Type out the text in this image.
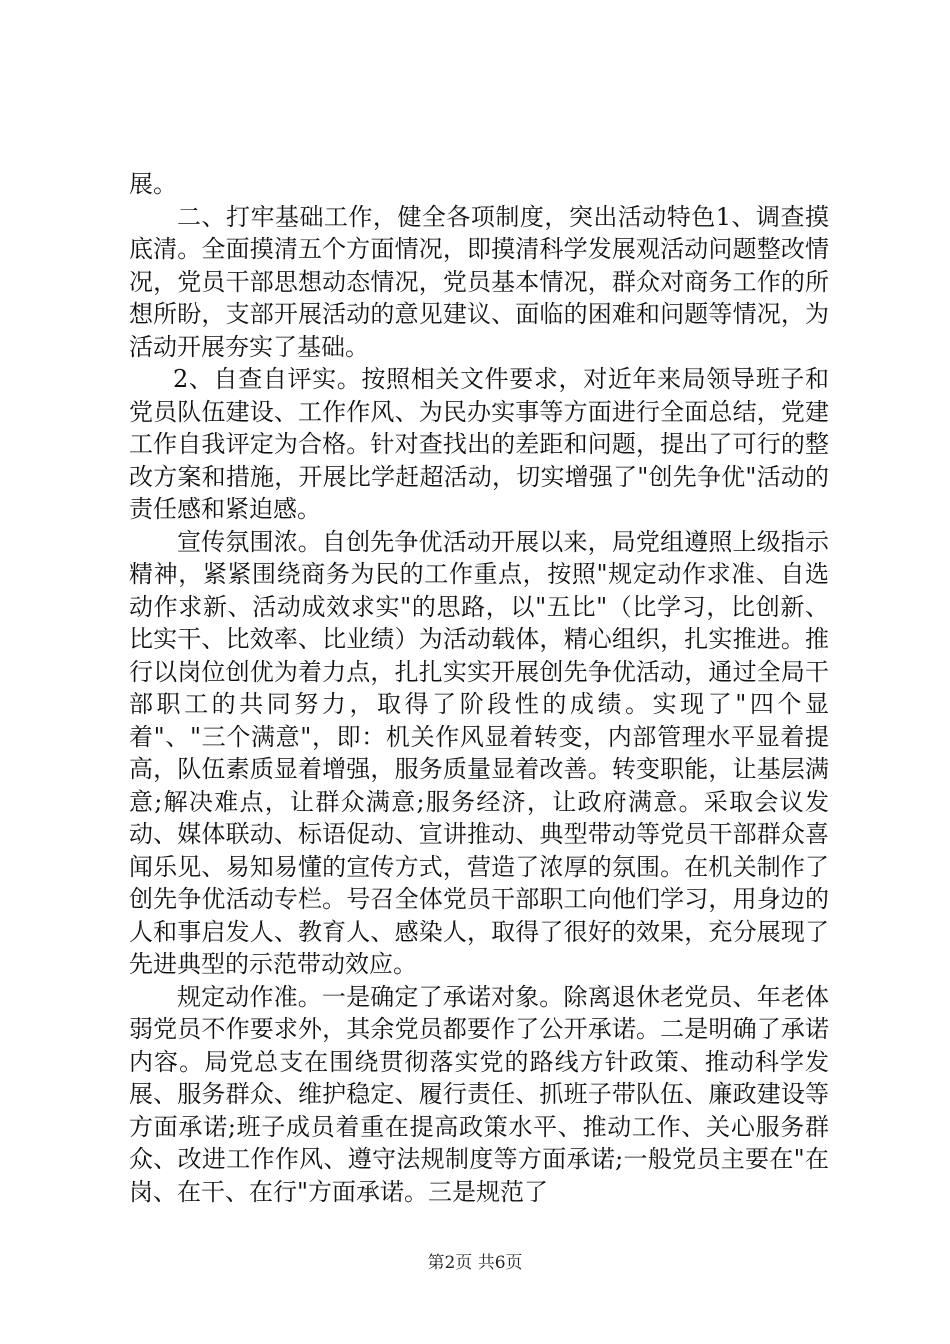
展。

二、打牢基础工作，健全各项制度，突出活动特色1、调查摸底清。全面摸清五个方面情况，即摸清科学发展观活动问题整改情况，党员干部思想动态情况，党员基本情况，群众对商务工作的所想所盼，支部开展活动的意见建议、面临的困难和问题等情况，为活动开展夯实了基础。

2、自查自评实。按照相关文件要求，对近年来局领导班子和党员队伍建设、工作作风、为民办实事等方面进行全面总结，党建工作自我评定为合格。针对查找出的差距和问题，提出了可行的整改方案和措施，开展比学赶超活动，切实增强了"创先争优"活动的责任感和紧迫感。

宣传氛围浓。自创先争优活动开展以来，局党组遵照上级指示精神，紧紧围绕商务为民的工作重点，按照"规定动作求准、自选动作求新、活动成效求实"的思路，以"五比"（比学习，比创新、比实干、比效率、比业绩）为活动载体，精心组织，扎实推进。推行以岗位创优为着力点，扎扎实实开展创先争优活动，通过全局干部职工的共同努力，取得了阶段性的成绩。实现了"四个显着"、"三个满意"，即：机关作风显着转变，内部管理水平显着提高，队伍素质显着增强，服务质量显着改善。转变职能，让基层满意;解决难点，让群众满意;服务经济，让政府满意。采取会议发动、媒体联动、标语促动、宣讲推动、典型带动等党员干部群众喜闻乐见、易知易懂的宣传方式，营造了浓厚的氛围。在机关制作了创先争优活动专栏。号召全体党员干部职工向他们学习，用身边的人和事启发人、教育人、感染人，取得了很好的效果，充分展现了先进典型的示范带动效应。

规定动作准。一是确定了承诺对象。除离退休老党员、年老体弱党员不作要求外，其余党员都要作了公开承诺。二是明确了承诺内容。局党总支在围绕贯彻落实党的路线方针政策、推动科学发展、服务群众、维护稳定、履行责任、抓班子带队伍、廉政建设等方面承诺;班子成员着重在提高政策水平、推动工作、关心服务群众、改进工作作风、遵守法规制度等方面承诺;一般党员主要在"在岗、在干、在行"方面承诺。三是规范了

第2页 共6页
